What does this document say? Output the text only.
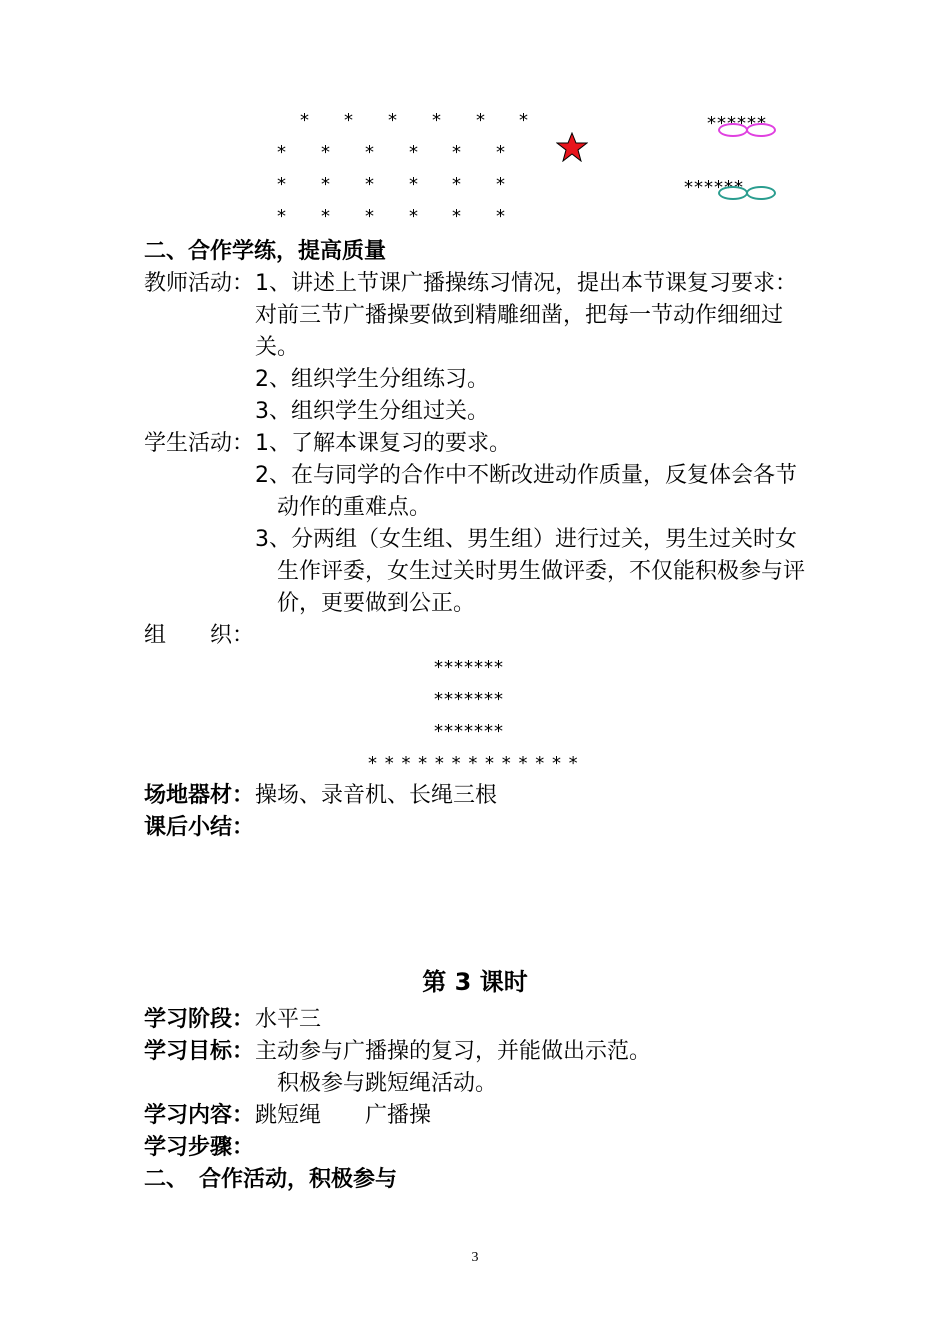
* * * * * *
* * * * * *
* * * * * *
* * * * * *
******
******
二、合作学练，提高质量
教师活动： 1、讲述上节课广播操练习情况，提出本节课复习要求：
对前三节广播操要做到精雕细凿，把每一节动作细细过
关。
2、组织学生分组练习。
3、组织学生分组过关。
学生活动： 1、了解本课复习的要求。
2、在与同学的合作中不断改进动作质量，反复体会各节
动作的重难点。
3、分两组（女生组、男生组）进行过关，男生过关时女
生作评委，女生过关时男生做评委，不仅能积极参与评
价，更要做到公正。
组　　织：
*******
*******
*******
* * * * * * * * * * * * *
场地器材： 操场、录音机、长绳三根
课后小结：
第 3 课时
学习阶段： 水平三
学习目标： 主动参与广播操的复习，并能做出示范。
积极参与跳短绳活动。
学习内容： 跳短绳　　广播操
学习步骤：
二、　合作活动，积极参与
3
